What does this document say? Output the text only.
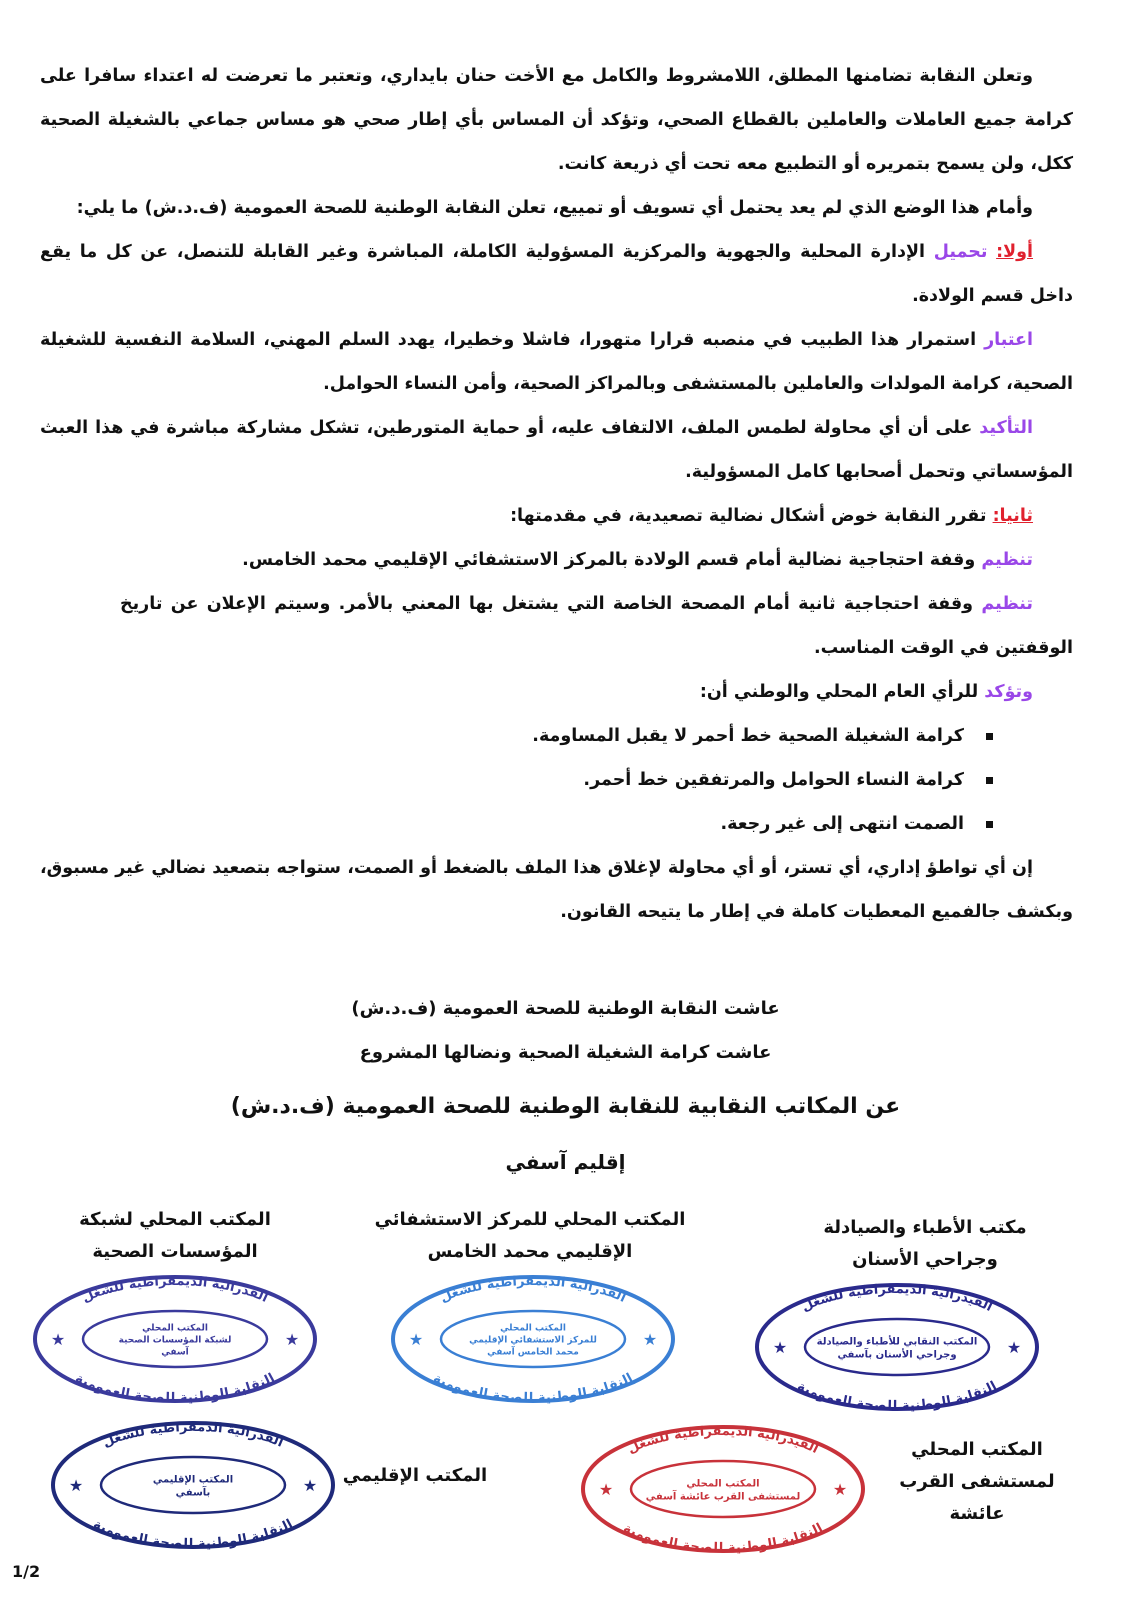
وتعلن النقابة تضامنها المطلق، اللامشروط والكامل مع الأخت حنان بايداري، وتعتبر ما تعرضت له اعتداء سافرا على كرامة جميع العاملات والعاملين بالقطاع الصحي، وتؤكد أن المساس بأي إطار صحي هو مساس جماعي بالشغيلة الصحية ككل، ولن يسمح بتمريره أو التطبيع معه تحت أي ذريعة كانت.

وأمام هذا الوضع الذي لم يعد يحتمل أي تسويف أو تمييع، تعلن النقابة الوطنية للصحة العمومية (ف.د.ش) ما يلي:

أولا: تحميل الإدارة المحلية والجهوية والمركزية المسؤولية الكاملة، المباشرة وغير القابلة للتنصل، عن كل ما يقع داخل قسم الولادة.

اعتبار استمرار هذا الطبيب في منصبه قرارا متهورا، فاشلا وخطيرا، يهدد السلم المهني، السلامة النفسية للشغيلة الصحية، كرامة المولدات والعاملين بالمستشفى وبالمراكز الصحية، وأمن النساء الحوامل.

التأكيد على أن أي محاولة لطمس الملف، الالتفاف عليه، أو حماية المتورطين، تشكل مشاركة مباشرة في هذا العبث المؤسساتي وتحمل أصحابها كامل المسؤولية.

ثانيا: تقرر النقابة خوض أشكال نضالية تصعيدية، في مقدمتها:

تنظيم وقفة احتجاجية نضالية أمام قسم الولادة بالمركز الاستشفائي الإقليمي محمد الخامس.

تنظيم وقفة احتجاجية ثانية أمام المصحة الخاصة التي يشتغل بها المعني بالأمر. وسيتم الإعلان عن تاريخ الوقفتين في الوقت المناسب.

وتؤكد للرأي العام المحلي والوطني أن:

كرامة الشغيلة الصحية خط أحمر لا يقبل المساومة.
كرامة النساء الحوامل والمرتفقين خط أحمر.
الصمت انتهى إلى غير رجعة.

إن أي تواطؤ إداري، أي تستر، أو أي محاولة لإغلاق هذا الملف بالضغط أو الصمت، ستواجه بتصعيد نضالي غير مسبوق، وبكشف جالفميع المعطيات كاملة في إطار ما يتيحه القانون.

عاشت النقابة الوطنية للصحة العمومية (ف.د.ش)
عاشت كرامة الشغيلة الصحية ونضالها المشروع
عن المكاتب النقابية للنقابة الوطنية للصحة العمومية (ف.د.ش)
إقليم آسفي
مكتب الأطباء والصيادلة
وجراحي الأسنان
★	★
الفيدرالية الديمقراطية للشغل
النقابة الوطنية للصحة العمومية
المكتب النقابي للأطباء والصيادلة
وجراحي الأسنان بآسفي
المكتب المحلي للمركز الاستشفائي
الإقليمي محمد الخامس
★	★
الفدرالية الديمقراطية للشغل
النقابة الوطنية للصحة العمومية
المكتب المحلي
للمركز الاستشفائي الإقليمي
محمد الخامس آسفي
المكتب المحلي لشبكة
المؤسسات الصحية
★	★
الفدرالية الديمقراطية للشغل
النقابة الوطنية للصحة العمومية
المكتب المحلي
لشبكة المؤسسات الصحية
آسفي
المكتب المحلي
لمستشفى القرب عائشة
★	★
الفيدرالية الديمقراطية للشغل
النقابة الوطنية للصحة العمومية
المكتب المحلي
لمستشفى القرب عائشة آسفي
المكتب الإقليمي
★	★
الفدرالية الدمقراطية للشغل
النقابة الوطنية للصحة العمومية
المكتب الإقليمي
بآسفي
1/2
